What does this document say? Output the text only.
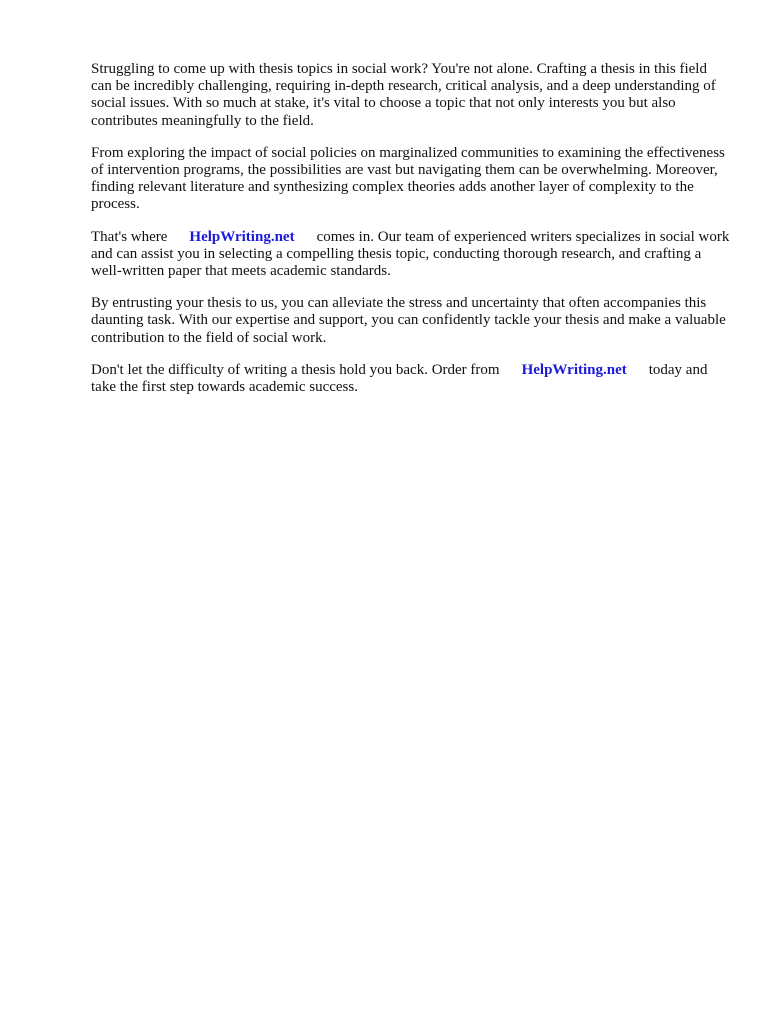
Struggling to come up with thesis topics in social work? You're not alone. Crafting a thesis in this field can be incredibly challenging, requiring in-depth research, critical analysis, and a deep understanding of social issues. With so much at stake, it's vital to choose a topic that not only interests you but also contributes meaningfully to the field.

From exploring the impact of social policies on marginalized communities to examining the effectiveness of intervention programs, the possibilities are vast but navigating them can be overwhelming. Moreover, finding relevant literature and synthesizing complex theories adds another layer of complexity to the process.

That's where HelpWriting.net comes in. Our team of experienced writers specializes in social work and can assist you in selecting a compelling thesis topic, conducting thorough research, and crafting a well-written paper that meets academic standards.

By entrusting your thesis to us, you can alleviate the stress and uncertainty that often accompanies this daunting task. With our expertise and support, you can confidently tackle your thesis and make a valuable contribution to the field of social work.

Don't let the difficulty of writing a thesis hold you back. Order from HelpWriting.net today and take the first step towards academic success.
